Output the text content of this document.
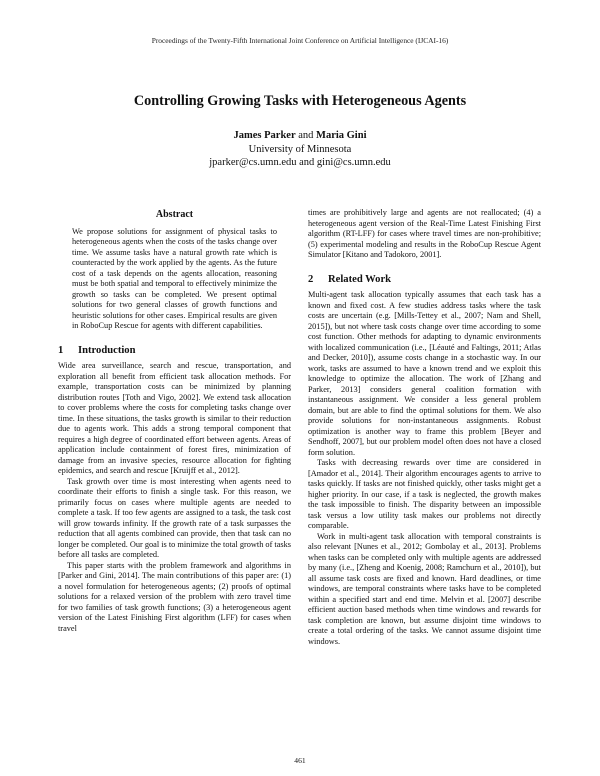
Proceedings of the Twenty-Fifth International Joint Conference on Artificial Intelligence (IJCAI-16)
Controlling Growing Tasks with Heterogeneous Agents
James Parker and Maria Gini
University of Minnesota
jparker@cs.umn.edu and gini@cs.umn.edu
Abstract

We propose solutions for assignment of physical tasks to heterogeneous agents when the costs of the tasks change over time. We assume tasks have a natural growth rate which is counteracted by the work applied by the agents. As the future cost of a task depends on the agents allocation, reasoning must be both spatial and temporal to effectively minimize the growth so tasks can be completed. We present optimal solutions for two general classes of growth functions and heuristic solutions for other cases. Empirical results are given in RoboCup Rescue for agents with different capabilities.

1 Introduction

Wide area surveillance, search and rescue, transportation, and exploration all benefit from efficient task allocation methods. For example, transportation costs can be minimized by planning distribution routes [Toth and Vigo, 2002]. We extend task allocation to cover problems where the costs for completing tasks change over time. In these situations, the tasks growth is similar to their reduction due to agents work. This adds a strong temporal component that requires a high degree of coordinated effort between agents. Areas of application include containment of forest fires, minimization of damage from an invasive species, resource allocation for fighting epidemics, and search and rescue [Kruijff et al., 2012].

Task growth over time is most interesting when agents need to coordinate their efforts to finish a single task. For this reason, we primarily focus on cases where multiple agents are needed to complete a task. If too few agents are assigned to a task, the task cost will grow towards infinity. If the growth rate of a task surpasses the reduction that all agents combined can provide, then that task can no longer be completed. Our goal is to minimize the total growth of tasks before all tasks are completed.

This paper starts with the problem framework and algorithms in [Parker and Gini, 2014]. The main contributions of this paper are: (1) a novel formulation for heterogeneous agents; (2) proofs of optimal solutions for a relaxed version of the problem with zero travel time for two families of task growth functions; (3) a heterogeneous agent version of the Latest Finishing First algorithm (LFF) for cases when travel

times are prohibitively large and agents are not reallocated; (4) a heterogeneous agent version of the Real-Time Latest Finishing First algorithm (RT-LFF) for cases where travel times are non-prohibitive; (5) experimental modeling and results in the RoboCup Rescue Agent Simulator [Kitano and Tadokoro, 2001].

2 Related Work

Multi-agent task allocation typically assumes that each task has a known and fixed cost. A few studies address tasks where the task costs are uncertain (e.g. [Mills-Tettey et al., 2007; Nam and Shell, 2015]), but not where task costs change over time according to some cost function. Other methods for adapting to dynamic environments with localized communication (i.e., [Léauté and Faltings, 2011; Atlas and Decker, 2010]), assume costs change in a stochastic way. In our work, tasks are assumed to have a known trend and we exploit this knowledge to optimize the allocation. The work of [Zhang and Parker, 2013] considers general coalition formation with instantaneous assignment. We consider a less general problem domain, but are able to find the optimal solutions for them. We also provide solutions for non-instantaneous assignments. Robust optimization is another way to frame this problem [Beyer and Sendhoff, 2007], but our problem model often does not have a closed form solution.

Tasks with decreasing rewards over time are considered in [Amador et al., 2014]. Their algorithm encourages agents to arrive to tasks quickly. If tasks are not finished quickly, other tasks might get a higher priority. In our case, if a task is neglected, the growth makes the task impossible to finish. The disparity between an impossible task versus a low utility task makes our problems not directly comparable.

Work in multi-agent task allocation with temporal constraints is also relevant [Nunes et al., 2012; Gombolay et al., 2013]. Problems when tasks can be completed only with multiple agents are addressed by many (i.e., [Zheng and Koenig, 2008; Ramchurn et al., 2010]), but all assume task costs are fixed and known. Hard deadlines, or time windows, are temporal constraints where tasks have to be completed within a specified start and end time. Melvin et al. [2007] describe efficient auction based methods when time windows and rewards for task completion are known, but assume disjoint time windows to create a total ordering of the tasks. We cannot assume disjoint time windows.

461
